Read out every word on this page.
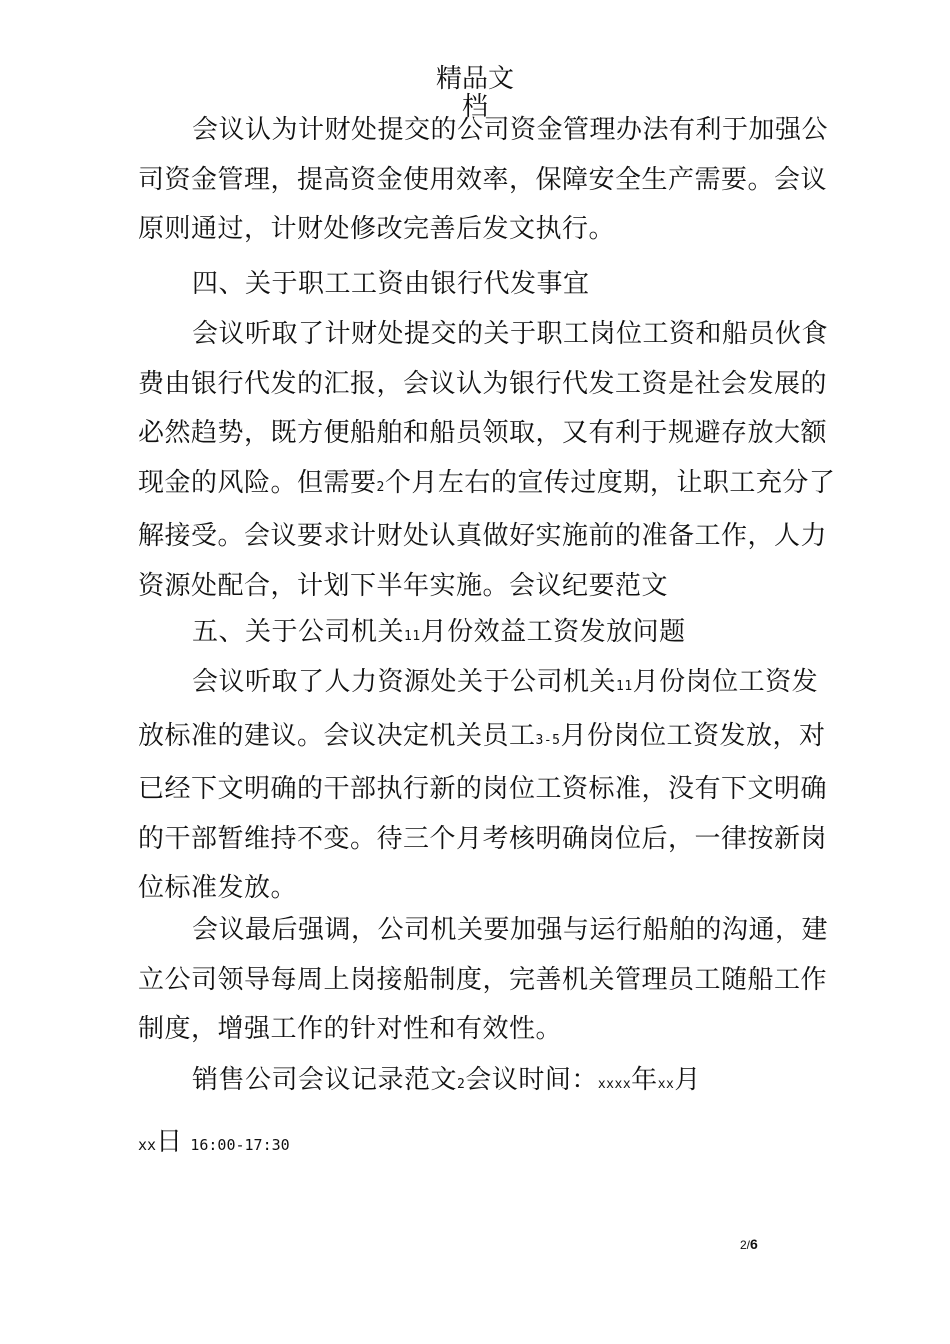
精品文
档

会议认为计财处提交的公司资金管理办法有利于加强公司资金管理，提高资金使用效率，保障安全生产需要。会议原则通过，计财处修改完善后发文执行。

四、关于职工工资由银行代发事宜

会议听取了计财处提交的关于职工岗位工资和船员伙食费由银行代发的汇报，会议认为银行代发工资是社会发展的必然趋势，既方便船舶和船员领取，又有利于规避存放大额现金的风险。但需要2个月左右的宣传过度期，让职工充分了解接受。会议要求计财处认真做好实施前的准备工作，人力资源处配合，计划下半年实施。会议纪要范文

五、关于公司机关11月份效益工资发放问题

会议听取了人力资源处关于公司机关11月份岗位工资发放标准的建议。会议决定机关员工3-5月份岗位工资发放，对已经下文明确的干部执行新的岗位工资标准，没有下文明确的干部暂维持不变。待三个月考核明确岗位后，一律按新岗位标准发放。

会议最后强调，公司机关要加强与运行船舶的沟通，建立公司领导每周上岗接船制度，完善机关管理员工随船工作制度，增强工作的针对性和有效性。

销售公司会议记录范文2会议时间：xxxx年xx月

xx日 16:00-17:30
2/6
